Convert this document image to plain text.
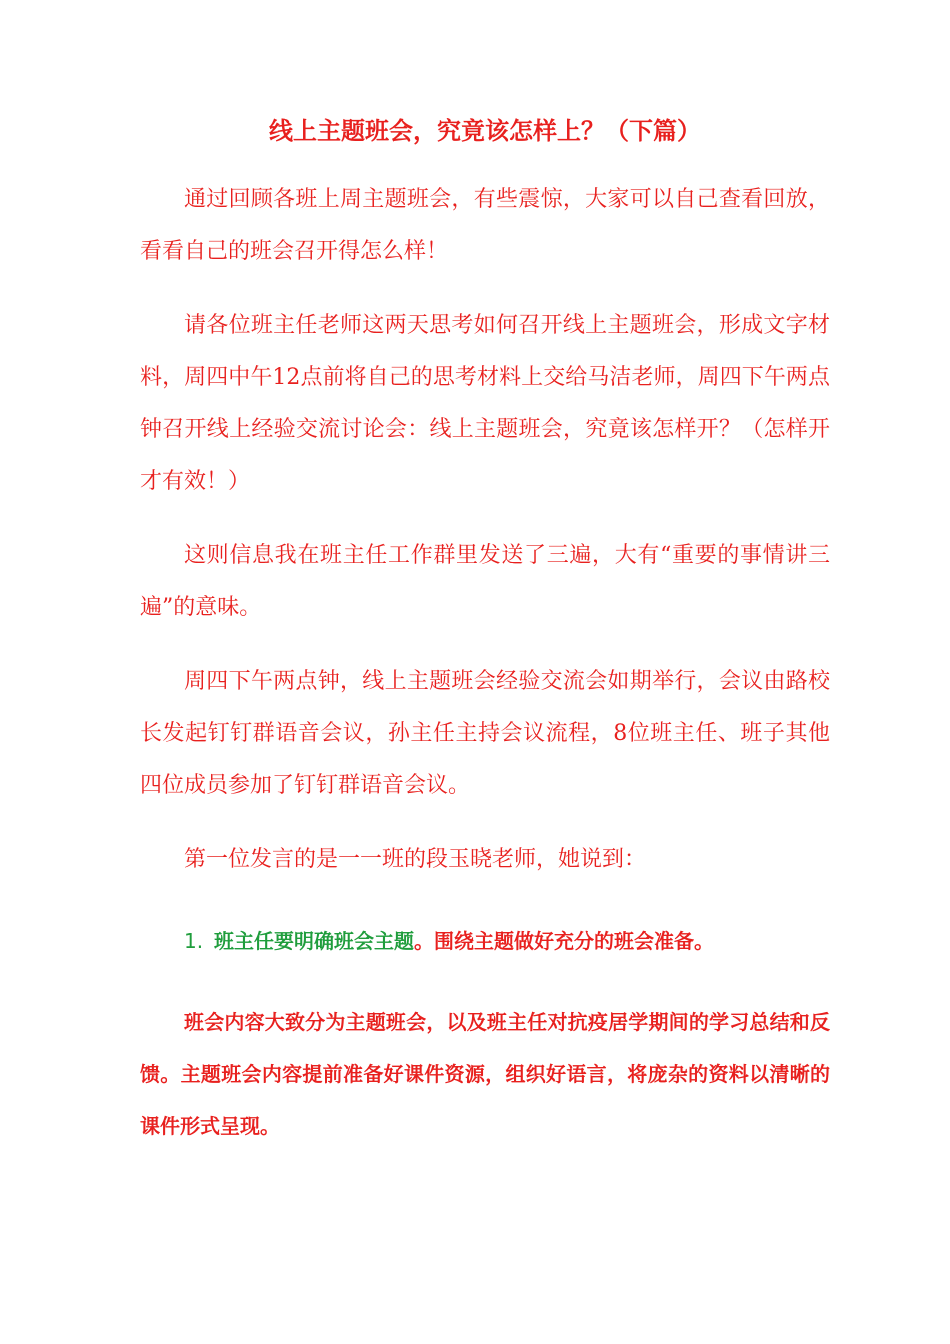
线上主题班会，究竟该怎样上？（下篇）

通过回顾各班上周主题班会，有些震惊，大家可以自己查看回放，看看自己的班会召开得怎么样！

请各位班主任老师这两天思考如何召开线上主题班会，形成文字材料，周四中午12点前将自己的思考材料上交给马洁老师，周四下午两点钟召开线上经验交流讨论会：线上主题班会，究竟该怎样开？（怎样开才有效！）

这则信息我在班主任工作群里发送了三遍，大有“重要的事情讲三遍”的意味。

周四下午两点钟，线上主题班会经验交流会如期举行，会议由路校长发起钉钉群语音会议，孙主任主持会议流程，8位班主任、班子其他四位成员参加了钉钉群语音会议。

第一位发言的是一一班的段玉晓老师，她说到：

1. 班主任要明确班会主题。围绕主题做好充分的班会准备。

班会内容大致分为主题班会，以及班主任对抗疫居学期间的学习总结和反馈。主题班会内容提前准备好课件资源，组织好语言，将庞杂的资料以清晰的课件形式呈现。
